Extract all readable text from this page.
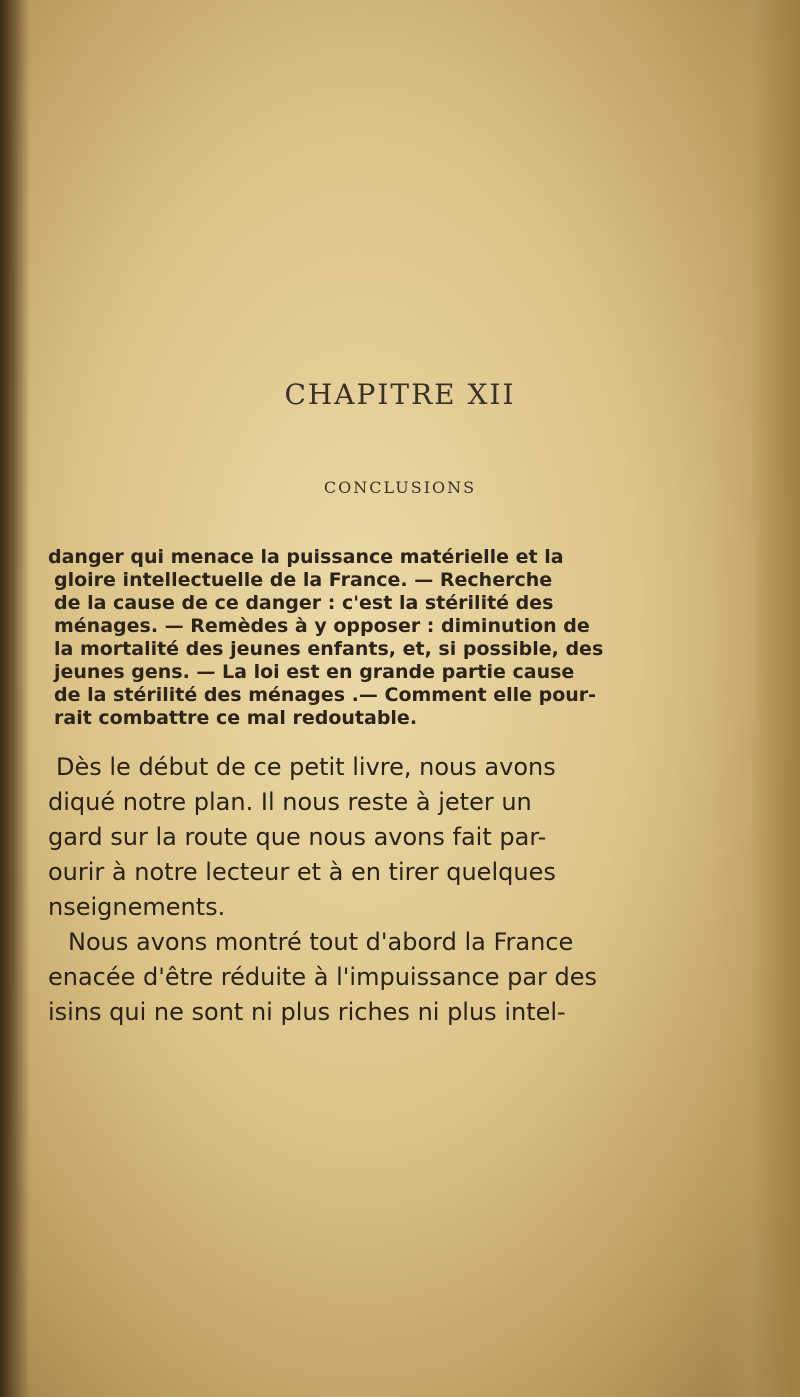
CHAPITRE XII
CONCLUSIONS
danger qui menace la puissance matérielle et la
gloire intellectuelle de la France. — Recherche
de la cause de ce danger : c'est la stérilité des
ménages. — Remèdes à y opposer : diminution de
la mortalité des jeunes enfants, et, si possible, des
jeunes gens. — La loi est en grande partie cause
de la stérilité des ménages .— Comment elle pour-
rait combattre ce mal redoutable.
Dès le début de ce petit livre, nous avons
diqué notre plan. Il nous reste à jeter un
gard sur la route que nous avons fait par-
ourir à notre lecteur et à en tirer quelques
nseignements.
Nous avons montré tout d'abord la France
enacée d'être réduite à l'impuissance par des
isins qui ne sont ni plus riches ni plus intel-
